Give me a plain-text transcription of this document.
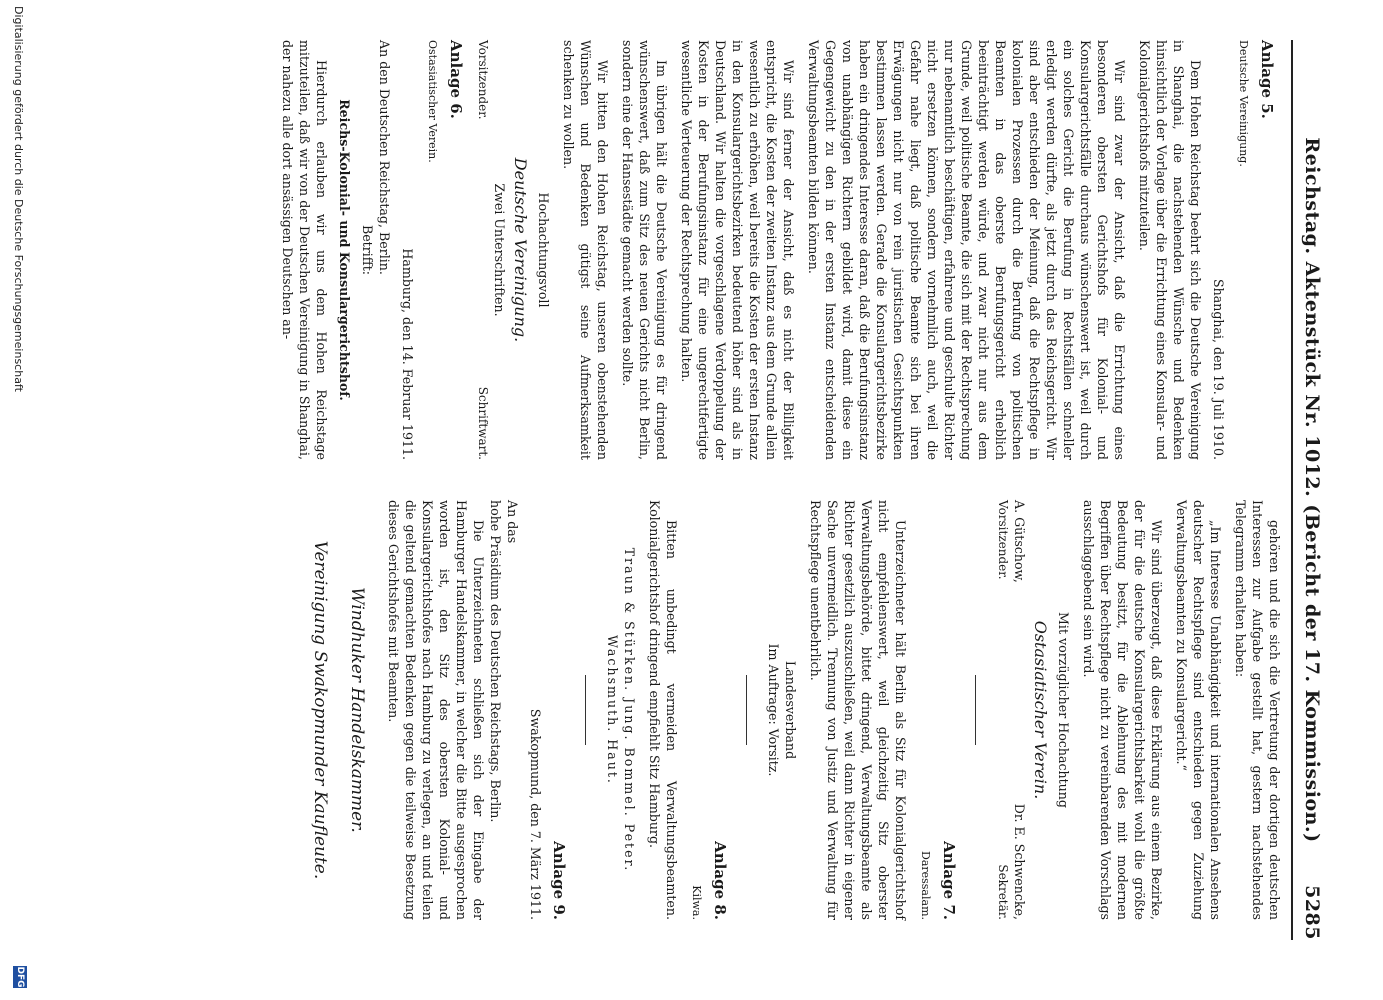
Reichstag. Aktenstück Nr. 1012. (Bericht der 17. Kommission.)
5285
Anlage 5.
Deutsche Vereinigung.
Shanghai, den 19. Juli 1910.

Dem Hohen Reichstag beehrt sich die Deutsche Vereinigung in Shanghai, die nachstehenden Wünsche und Bedenken hinsichtlich der Vorlage über die Errichtung eines Konsular- und Kolonialgerichtshofs mitzuteilen.

Wir sind zwar der Ansicht, daß die Errichtung eines besonderen obersten Gerichtshofs für Kolonial- und Konsulargerichtsfälle durchaus wünschenswert ist, weil durch ein solches Gericht die Berufung in Rechtsfällen schneller erledigt werden dürfte, als jetzt durch das Reichsgericht. Wir sind aber entschieden der Meinung, daß die Rechtspflege in kolonialen Prozessen durch die Berufung von politischen Beamten in das oberste Berufungsgericht erheblich beeinträchtigt werden würde, und zwar nicht nur aus dem Grunde, weil politische Beamte, die sich mit der Rechtsprechung nur nebenamtlich beschäftigen, erfahrene und geschulte Richter nicht ersetzen können, sondern vornehmlich auch, weil die Gefahr nahe liegt, daß politische Beamte sich bei ihren Erwägungen nicht nur von rein juristischen Gesichtspunkten bestimmen lassen werden. Gerade die Konsulargerichtsbezirke haben ein dringendes Interesse daran, daß die Berufungsinstanz von unabhängigen Richtern gebildet wird, damit diese ein Gegengewicht zu den in der ersten Instanz entscheidenden Verwaltungsbeamten bilden können.

Wir sind ferner der Ansicht, daß es nicht der Billigkeit entspricht, die Kosten der zweiten Instanz aus dem Grunde allein wesentlich zu erhöhen, weil bereits die Kosten der ersten Instanz in den Konsulargerichtsbezirken bedeutend höher sind als in Deutschland. Wir halten die vorgeschlagene Verdoppelung der Kosten in der Berufungsinstanz für eine ungerechtfertigte wesentliche Verteuerung der Rechtsprechung halten.

Im übrigen hält die Deutsche Vereinigung es für dringend wünschenswert, daß zum Sitz des neuen Gerichts nicht Berlin, sondern eine der Hansestädte gemacht werden sollte.

Wir bitten den Hohen Reichstag, unseren obenstehenden Wünschen und Bedenken gütigst seine Aufmerksamkeit schenken zu wollen.

Hochachtungsvoll
Deutsche Vereinigung.
Zwei Unterschriften.
Vorsitzender.
Schriftwart.
Anlage 6.
Ostasiatischer Verein.
Hamburg, den 14. Februar 1911.
An den Deutschen Reichstag, Berlin.
Betrifft:
Reichs-Kolonial- und Konsulargerichtshof.

Hierdurch erlauben wir uns dem Hohen Reichstage mitzuteilen, daß wir von der Deutschen Vereinigung in Shanghai, der nahezu alle dort ansässigen Deutschen an-

gehören und die sich die Vertretung der dortigen deutschen Interessen zur Aufgabe gestellt hat, gestern nachstehendes Telegramm erhalten haben:

„Im Interesse Unabhängigkeit und internationalen Ansehens deutscher Rechtspflege sind entschieden gegen Zuziehung Verwaltungsbeamten zu Konsulargericht.“

Wir sind überzeugt, daß diese Erklärung aus einem Bezirke, der für die deutsche Konsulargerichtsbarkeit wohl die größte Bedeutung besitzt, für die Ablehnung des mit modernen Begriffen über Rechtspflege nicht zu vereinbarenden Vorschlags ausschlaggebend sein wird.

Mit vorzüglicher Hochachtung
Ostasiatischer Verein.
A. Gütschow,
Dr. E. Schwencke,
Vorsitzender.
Sekretär.
Anlage 7.
Daressalam.

Unterzeichneter hält Berlin als Sitz für Kolonialgerichtshof nicht empfehlenswert, weil gleichzeitig Sitz oberster Verwaltungsbehörde, bittet dringend, Verwaltungsbeamte als Richter gesetzlich auszuschließen, weil dann Richter in eigener Sache unvermeidlich. Trennung von Justiz und Verwaltung für Rechtspflege unentbehrlich.

Landesverband
Im Auftrage: Vorsitz.
Anlage 8.
Kilwa.

Bitten unbedingt vermeiden Verwaltungsbeamten. Kolonialgerichtshof dringend empfiehlt Sitz Hamburg.

Traun & Stürken. Jung. Bommel. Peter. Wachsmuth. Haut.
Anlage 9.
Swakopmund, den 7. März 1911.
An das
hohe Präsidium des Deutschen Reichstags, Berlin.

Die Unterzeichneten schließen sich der Eingabe der Hamburger Handelskammer, in welcher die Bitte ausgesprochen worden ist, den Sitz des obersten Kolonial- und Konsulargerichtshofes nach Hamburg zu verlegen, an und teilen die geltend gemachten Bedenken gegen die teilweise Besetzung dieses Gerichtshofes mit Beamten.

Windhuker Handelskammer.
Vereinigung Swakopmunder Kaufleute.
Digitalisierung gefördert durch die Deutsche Forschungsgemeinschaft
DFG
